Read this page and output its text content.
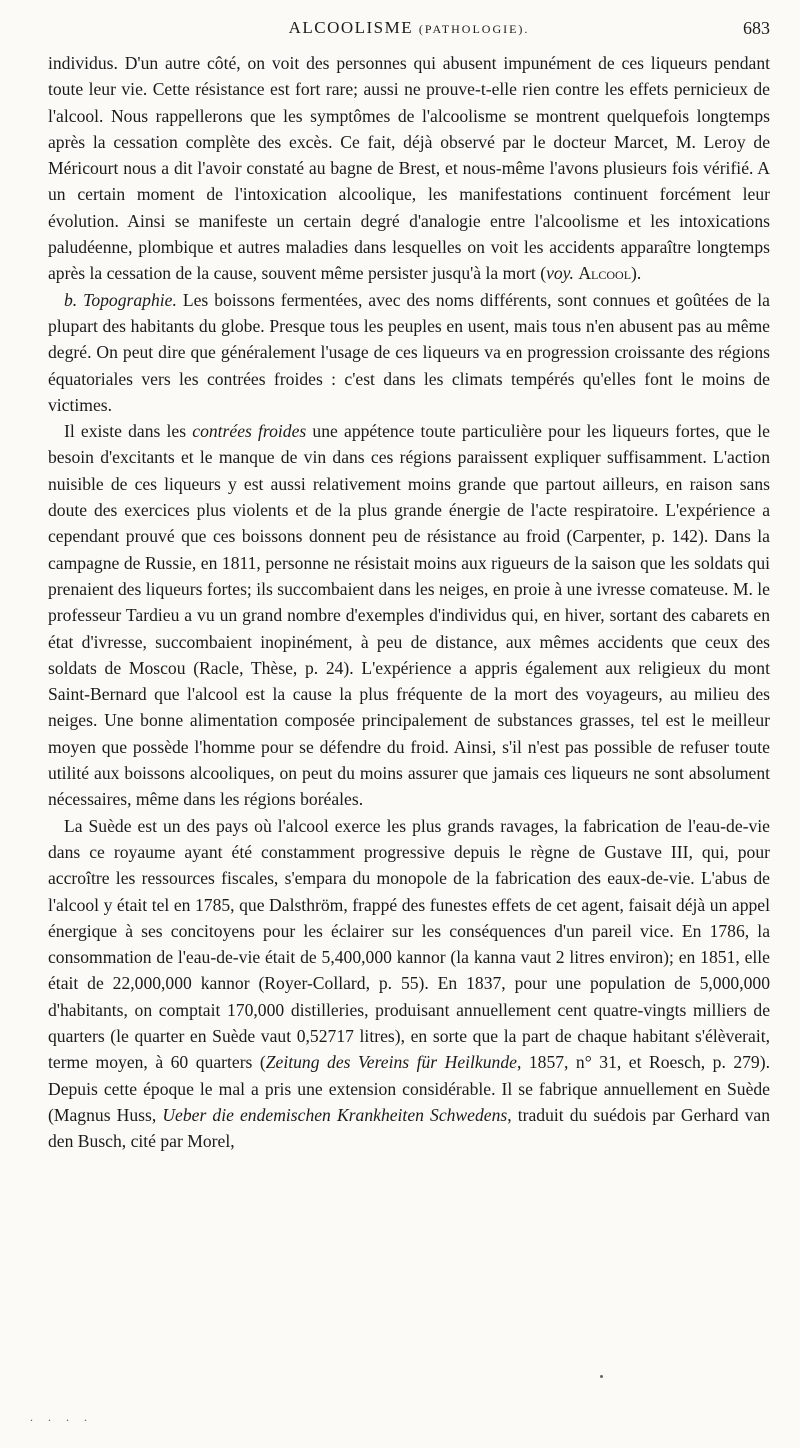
ALCOOLISME (PATHOLOGIE).	683

individus. D'un autre côté, on voit des personnes qui abusent impunément de ces liqueurs pendant toute leur vie. Cette résistance est fort rare; aussi ne prouve-t-elle rien contre les effets pernicieux de l'alcool. Nous rappellerons que les symptômes de l'alcoolisme se montrent quelquefois longtemps après la cessation complète des excès. Ce fait, déjà observé par le docteur Marcet, M. Leroy de Méricourt nous a dit l'avoir constaté au bagne de Brest, et nous-même l'avons plusieurs fois vérifié. A un certain moment de l'intoxication alcoolique, les manifestations continuent forcément leur évolution. Ainsi se manifeste un certain degré d'analogie entre l'alcoolisme et les intoxications paludéenne, plombique et autres maladies dans lesquelles on voit les accidents apparaître longtemps après la cessation de la cause, souvent même persister jusqu'à la mort (voy. Alcool).

b. Topographie. Les boissons fermentées, avec des noms différents, sont connues et goûtées de la plupart des habitants du globe. Presque tous les peuples en usent, mais tous n'en abusent pas au même degré. On peut dire que généralement l'usage de ces liqueurs va en progression croissante des régions équatoriales vers les contrées froides : c'est dans les climats tempérés qu'elles font le moins de victimes.

Il existe dans les contrées froides une appétence toute particulière pour les liqueurs fortes, que le besoin d'excitants et le manque de vin dans ces régions paraissent expliquer suffisamment. L'action nuisible de ces liqueurs y est aussi relativement moins grande que partout ailleurs, en raison sans doute des exercices plus violents et de la plus grande énergie de l'acte respiratoire. L'expérience a cependant prouvé que ces boissons donnent peu de résistance au froid (Carpenter, p. 142). Dans la campagne de Russie, en 1811, personne ne résistait moins aux rigueurs de la saison que les soldats qui prenaient des liqueurs fortes; ils succombaient dans les neiges, en proie à une ivresse comateuse. M. le professeur Tardieu a vu un grand nombre d'exemples d'individus qui, en hiver, sortant des cabarets en état d'ivresse, succombaient inopinément, à peu de distance, aux mêmes accidents que ceux des soldats de Moscou (Racle, Thèse, p. 24). L'expérience a appris également aux religieux du mont Saint-Bernard que l'alcool est la cause la plus fréquente de la mort des voyageurs, au milieu des neiges. Une bonne alimentation composée principalement de substances grasses, tel est le meilleur moyen que possède l'homme pour se défendre du froid. Ainsi, s'il n'est pas possible de refuser toute utilité aux boissons alcooliques, on peut du moins assurer que jamais ces liqueurs ne sont absolument nécessaires, même dans les régions boréales.

La Suède est un des pays où l'alcool exerce les plus grands ravages, la fabrication de l'eau-de-vie dans ce royaume ayant été constamment progressive depuis le règne de Gustave III, qui, pour accroître les ressources fiscales, s'empara du monopole de la fabrication des eaux-de-vie. L'abus de l'alcool y était tel en 1785, que Dalsthröm, frappé des funestes effets de cet agent, faisait déjà un appel énergique à ses concitoyens pour les éclairer sur les conséquences d'un pareil vice. En 1786, la consommation de l'eau-de-vie était de 5,400,000 kannor (la kanna vaut 2 litres environ); en 1851, elle était de 22,000,000 kannor (Royer-Collard, p. 55). En 1837, pour une population de 5,000,000 d'habitants, on comptait 170,000 distilleries, produisant annuellement cent quatre-vingts milliers de quarters (le quarter en Suède vaut 0,52717 litres), en sorte que la part de chaque habitant s'élèverait, terme moyen, à 60 quarters (Zeitung des Vereins für Heilkunde, 1857, n° 31, et Roesch, p. 279). Depuis cette époque le mal a pris une extension considérable. Il se fabrique annuellement en Suède (Magnus Huss, Ueber die endemischen Krankheiten Schwedens, traduit du suédois par Gerhard van den Busch, cité par Morel,

. . . .
